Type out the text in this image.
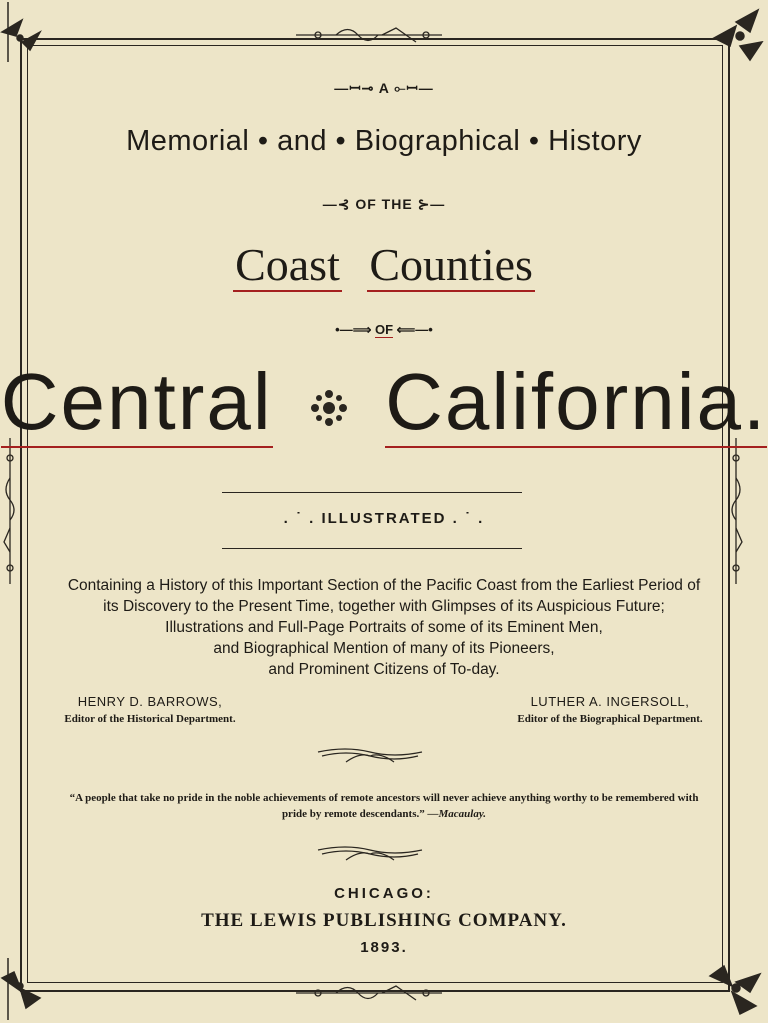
—ꟷ⊸ A ⟜ꟷ—
Memorial • and • Biographical • History
—⊰ OF THE ⊱—
Coast Counties
•—⟹ OF ⟸—•
Central California.
. ˙ . ILLUSTRATED . ˙ .
Containing a History of this Important Section of the Pacific Coast from the Earliest Period of
its Discovery to the Present Time, together with Glimpses of its Auspicious Future;
Illustrations and Full-Page Portraits of some of its Eminent Men,
and Biographical Mention of many of its Pioneers,
and Prominent Citizens of To-day.
HENRY D. BARROWS,
Editor of the Historical Department.
LUTHER A. INGERSOLL,
Editor of the Biographical Department.
“A people that take no pride in the noble achievements of remote ancestors will never achieve anything worthy to be remembered with pride by remote descendants.” —Macaulay.
CHICAGO:
THE LEWIS PUBLISHING COMPANY.
1893.
